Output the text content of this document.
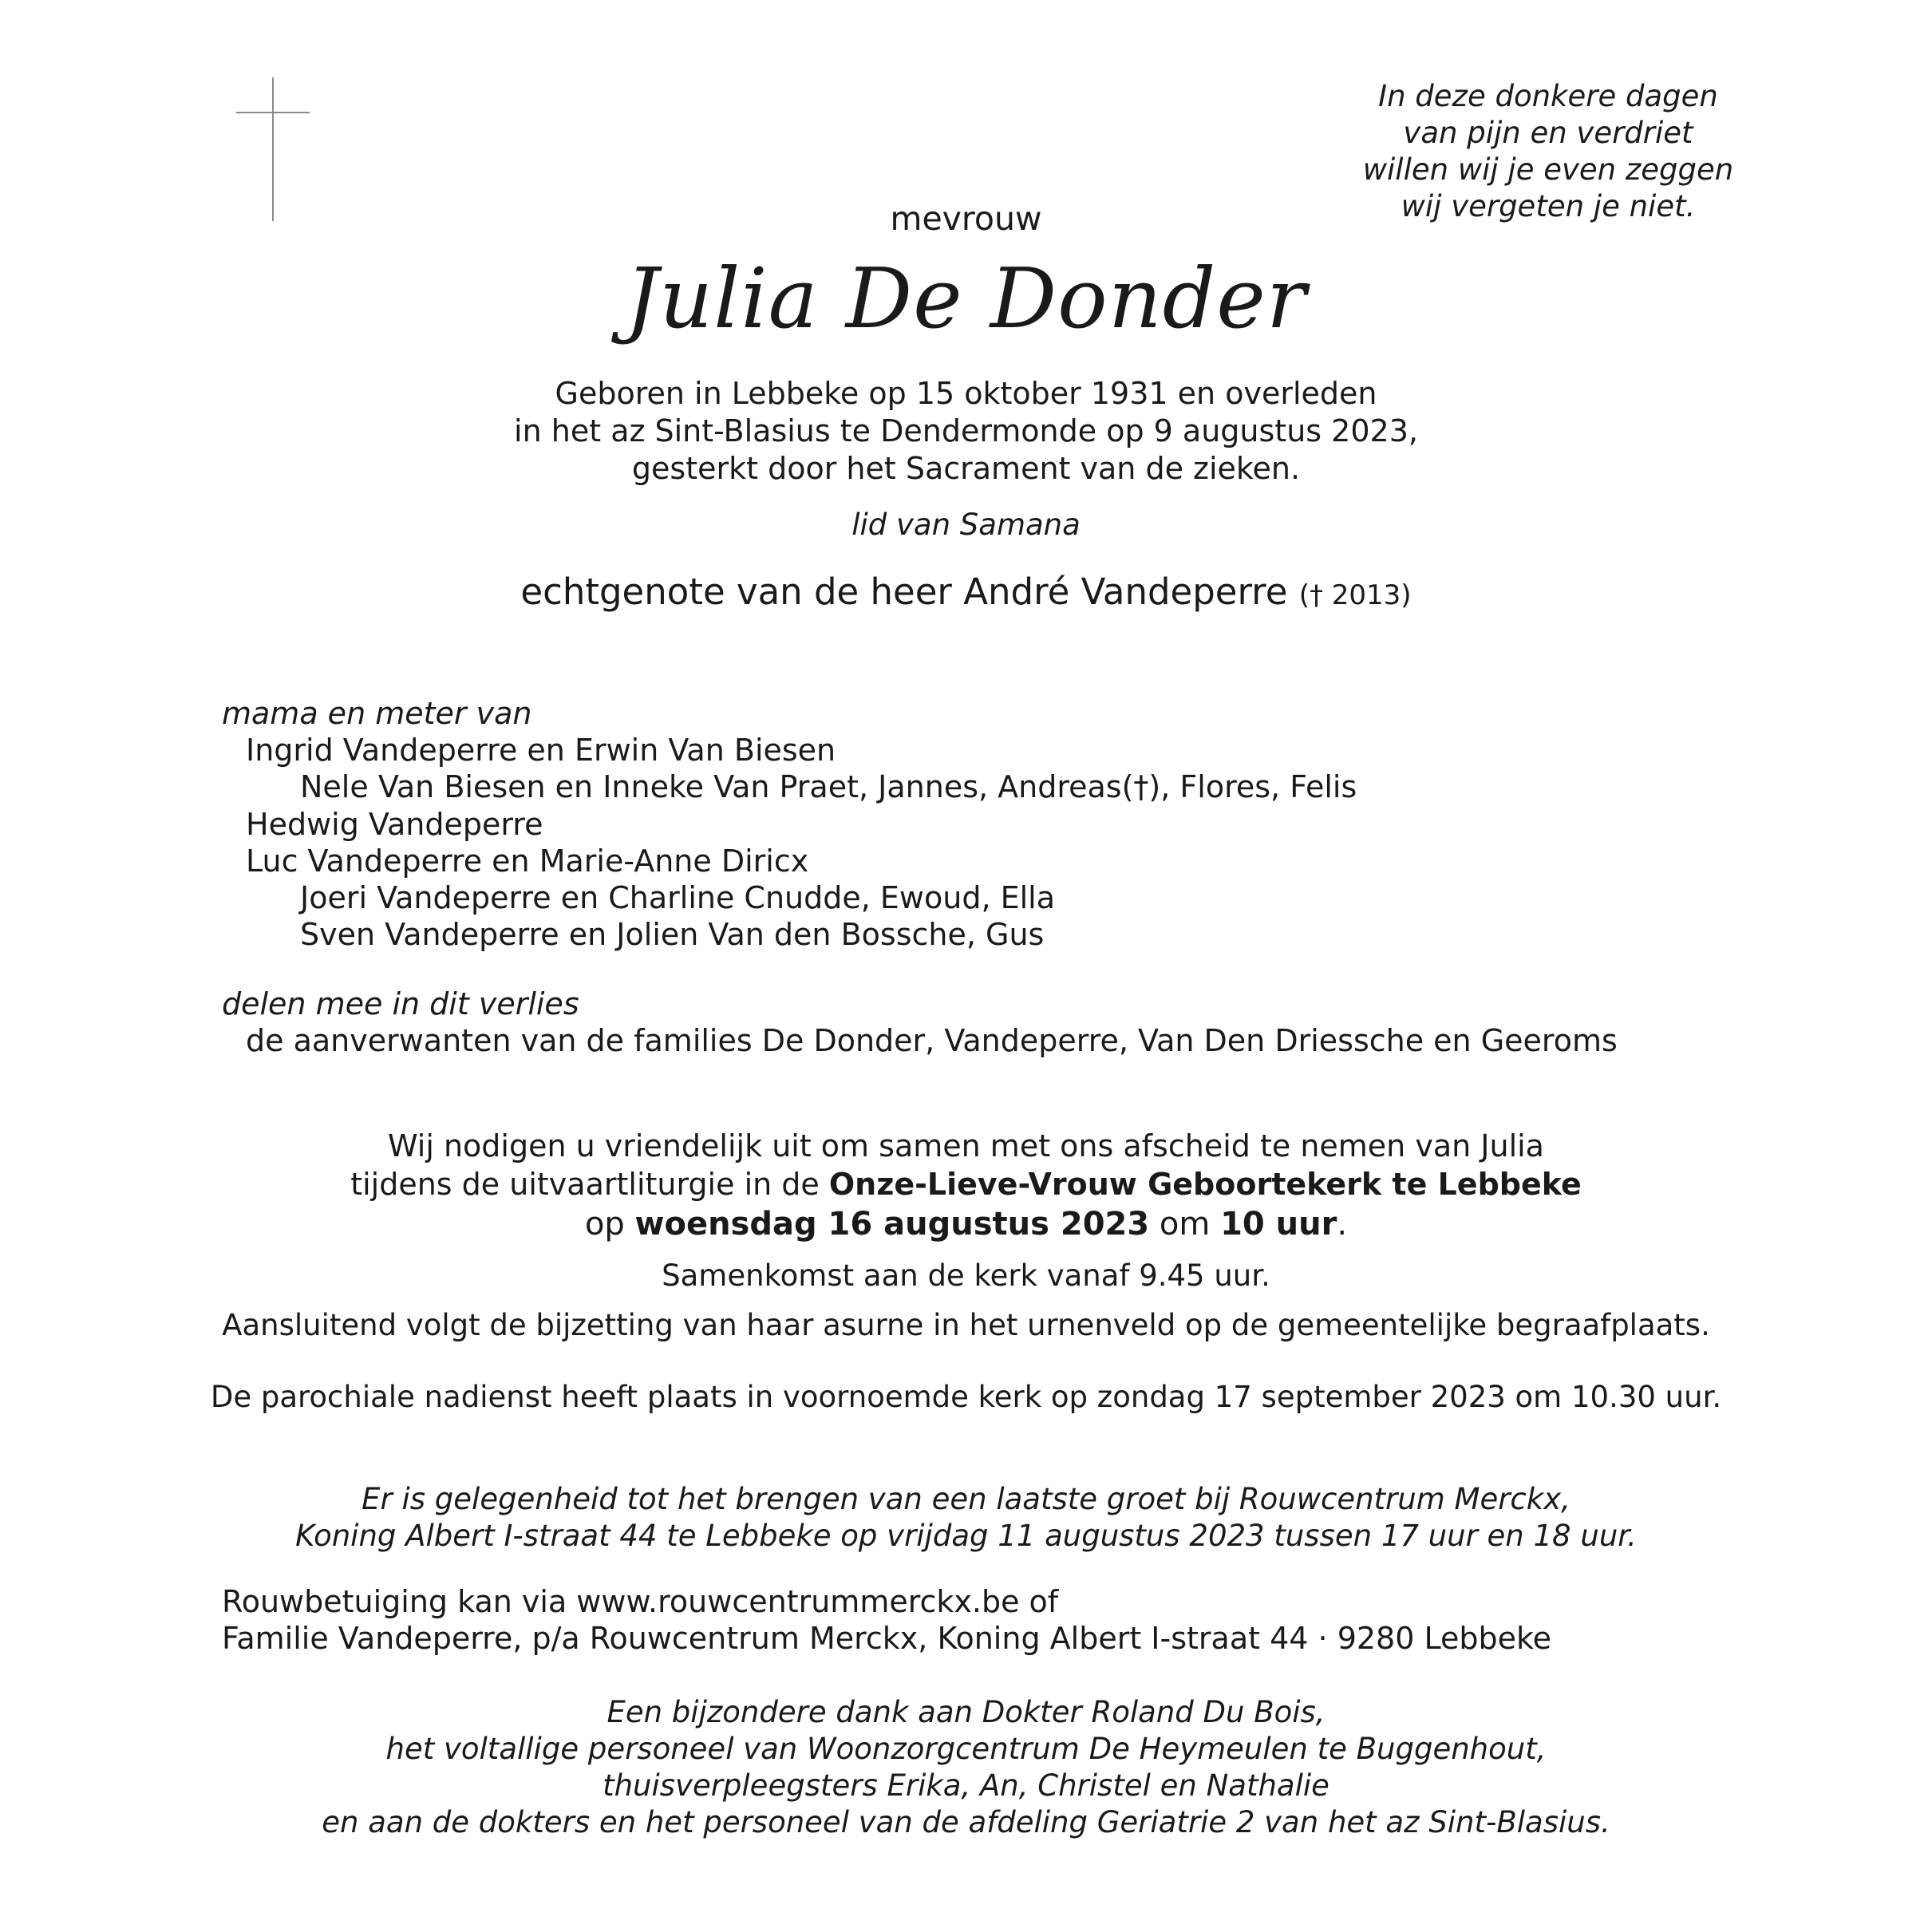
In deze donkere dagen
van pijn en verdriet
willen wij je even zeggen
wij vergeten je niet.
mevrouw
Julia De Donder
Geboren in Lebbeke op 15 oktober 1931 en overleden
in het az Sint-Blasius te Dendermonde op 9 augustus 2023,
gesterkt door het Sacrament van de zieken.
lid van Samana
echtgenote van de heer André Vandeperre († 2013)
mama en meter van
Ingrid Vandeperre en Erwin Van Biesen
Nele Van Biesen en Inneke Van Praet, Jannes, Andreas(†), Flores, Felis
Hedwig Vandeperre
Luc Vandeperre en Marie-Anne Diricx
Joeri Vandeperre en Charline Cnudde, Ewoud, Ella
Sven Vandeperre en Jolien Van den Bossche, Gus
delen mee in dit verlies
de aanverwanten van de families De Donder, Vandeperre, Van Den Driessche en Geeroms
Wij nodigen u vriendelijk uit om samen met ons afscheid te nemen van Julia
tijdens de uitvaartliturgie in de Onze-Lieve-Vrouw Geboortekerk te Lebbeke
op woensdag 16 augustus 2023 om 10 uur.
Samenkomst aan de kerk vanaf 9.45 uur.
Aansluitend volgt de bijzetting van haar asurne in het urnenveld op de gemeentelijke begraafplaats.
De parochiale nadienst heeft plaats in voornoemde kerk op zondag 17 september 2023 om 10.30 uur.
Er is gelegenheid tot het brengen van een laatste groet bij Rouwcentrum Merckx,
Koning Albert I-straat 44 te Lebbeke op vrijdag 11 augustus 2023 tussen 17 uur en 18 uur.
Rouwbetuiging kan via www.rouwcentrummerckx.be of
Familie Vandeperre, p/a Rouwcentrum Merckx, Koning Albert I-straat 44 · 9280 Lebbeke
Een bijzondere dank aan Dokter Roland Du Bois,
het voltallige personeel van Woonzorgcentrum De Heymeulen te Buggenhout,
thuisverpleegsters Erika, An, Christel en Nathalie
en aan de dokters en het personeel van de afdeling Geriatrie 2 van het az Sint-Blasius.
